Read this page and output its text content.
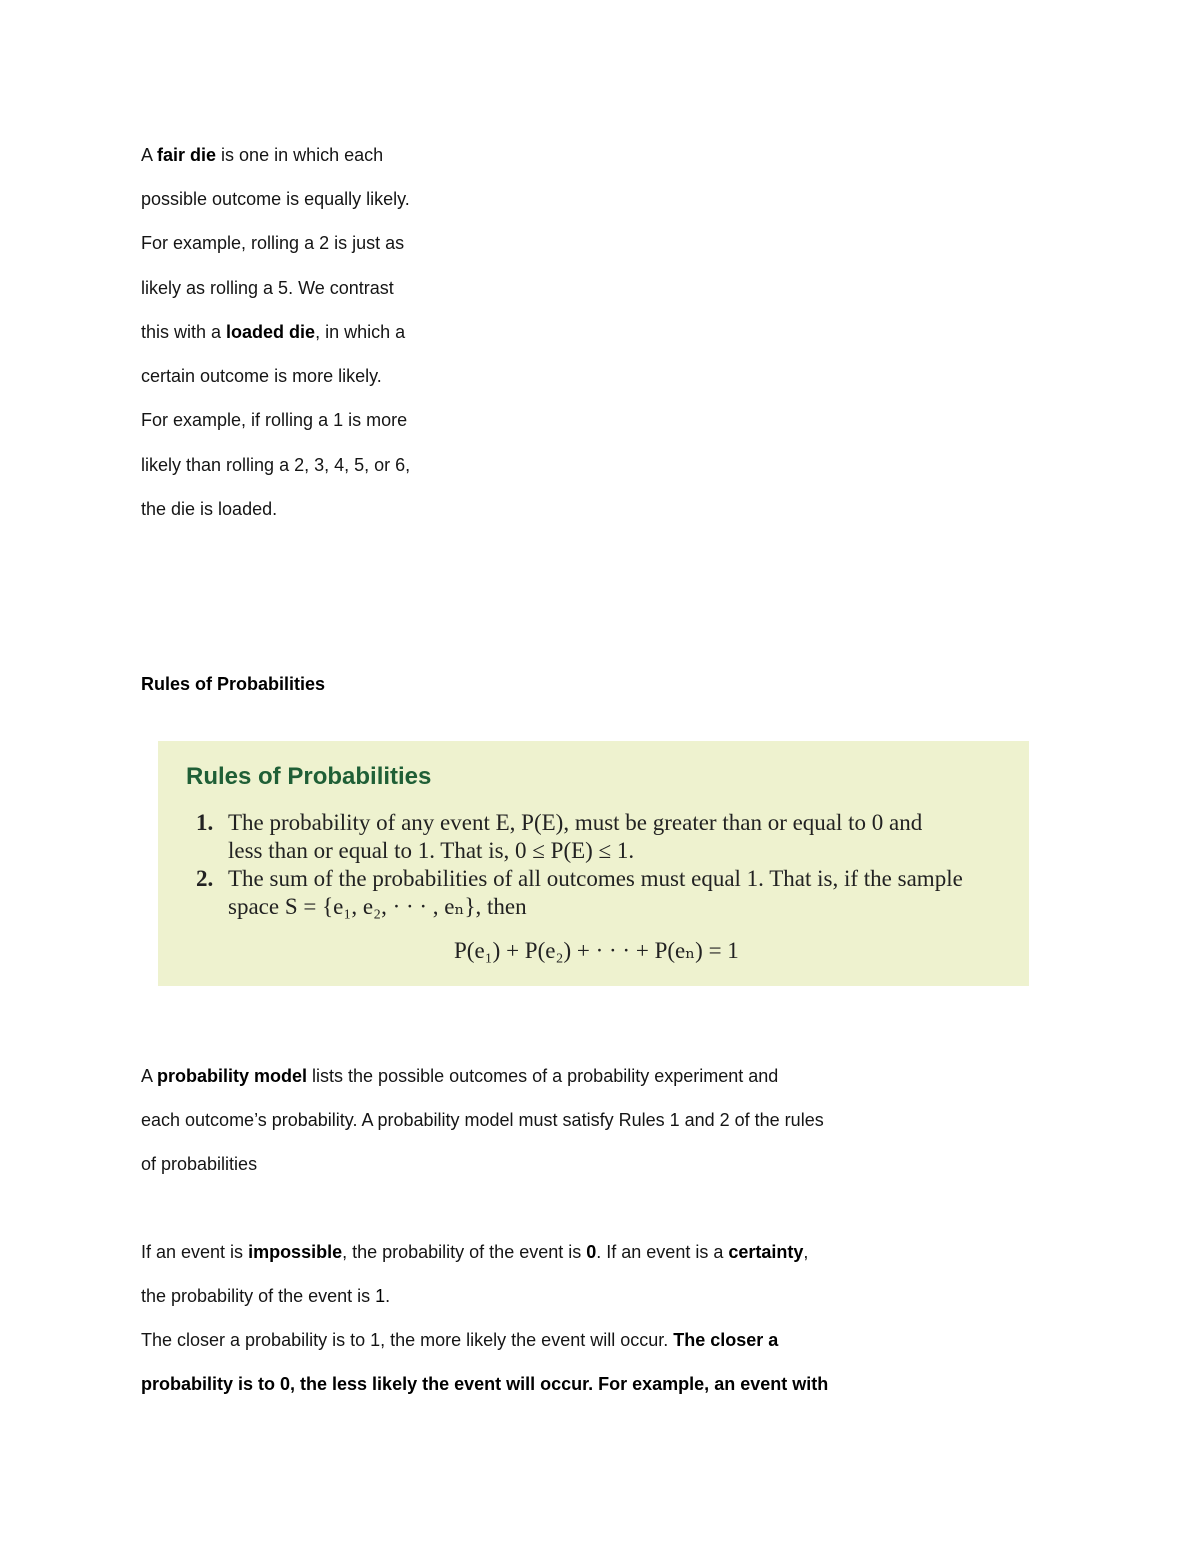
A fair die is one in which each
possible outcome is equally likely.
For example, rolling a 2 is just as
likely as rolling a 5. We contrast
this with a loaded die, in which a
certain outcome is more likely.
For example, if rolling a 1 is more
likely than rolling a 2, 3, 4, 5, or 6,
the die is loaded.
Rules of Probabilities
Rules of Probabilities
1. The probability of any event E, P(E), must be greater than or equal to 0 and
less than or equal to 1. That is, 0 ≤ P(E) ≤ 1.
2. The sum of the probabilities of all outcomes must equal 1. That is, if the sample
space S = {e₁, e₂, · · · , eₙ}, then
P(e₁) + P(e₂) + · · · + P(eₙ) = 1
A probability model lists the possible outcomes of a probability experiment and
each outcome’s probability. A probability model must satisfy Rules 1 and 2 of the rules
of probabilities
If an event is impossible, the probability of the event is 0. If an event is a certainty,
the probability of the event is 1.
The closer a probability is to 1, the more likely the event will occur. The closer a
probability is to 0, the less likely the event will occur. For example, an event with
